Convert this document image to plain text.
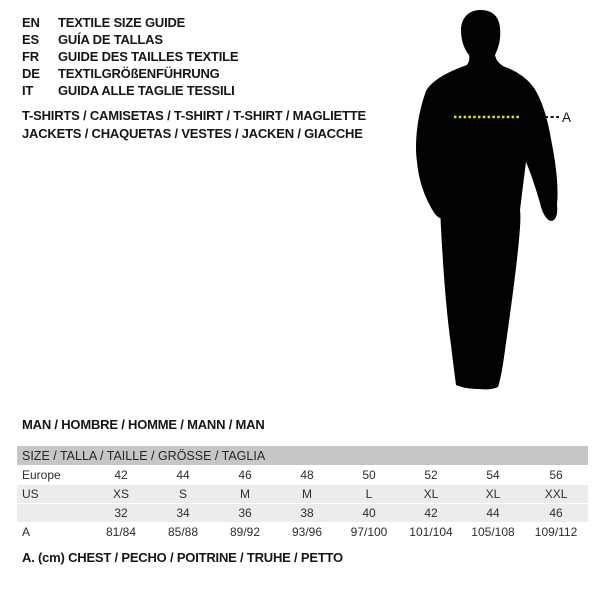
A
EN	TEXTILE SIZE GUIDE
ES	GUÍA DE TALLAS
FR	GUIDE DES TAILLES TEXTILE
DE	TEXTILGRÖßENFÜHRUNG
IT	GUIDA ALLE TAGLIE TESSILI
T-SHIRTS / CAMISETAS / T-SHIRT / T-SHIRT / MAGLIETTE
JACKETS / CHAQUETAS / VESTES / JACKEN / GIACCHE
MAN / HOMBRE / HOMME / MANN / MAN
SIZE / TALLA / TAILLE / GRÖSSE / TAGLIA								
Europe	42	44	46	48	50	52	54	56
US	XS	S	M	M	L	XL	XL	XXL
	32	34	36	38	40	42	44	46
A	81/84	85/88	89/92	93/96	97/100	101/104	105/108	109/112
A. (cm) CHEST / PECHO / POITRINE / TRUHE / PETTO
